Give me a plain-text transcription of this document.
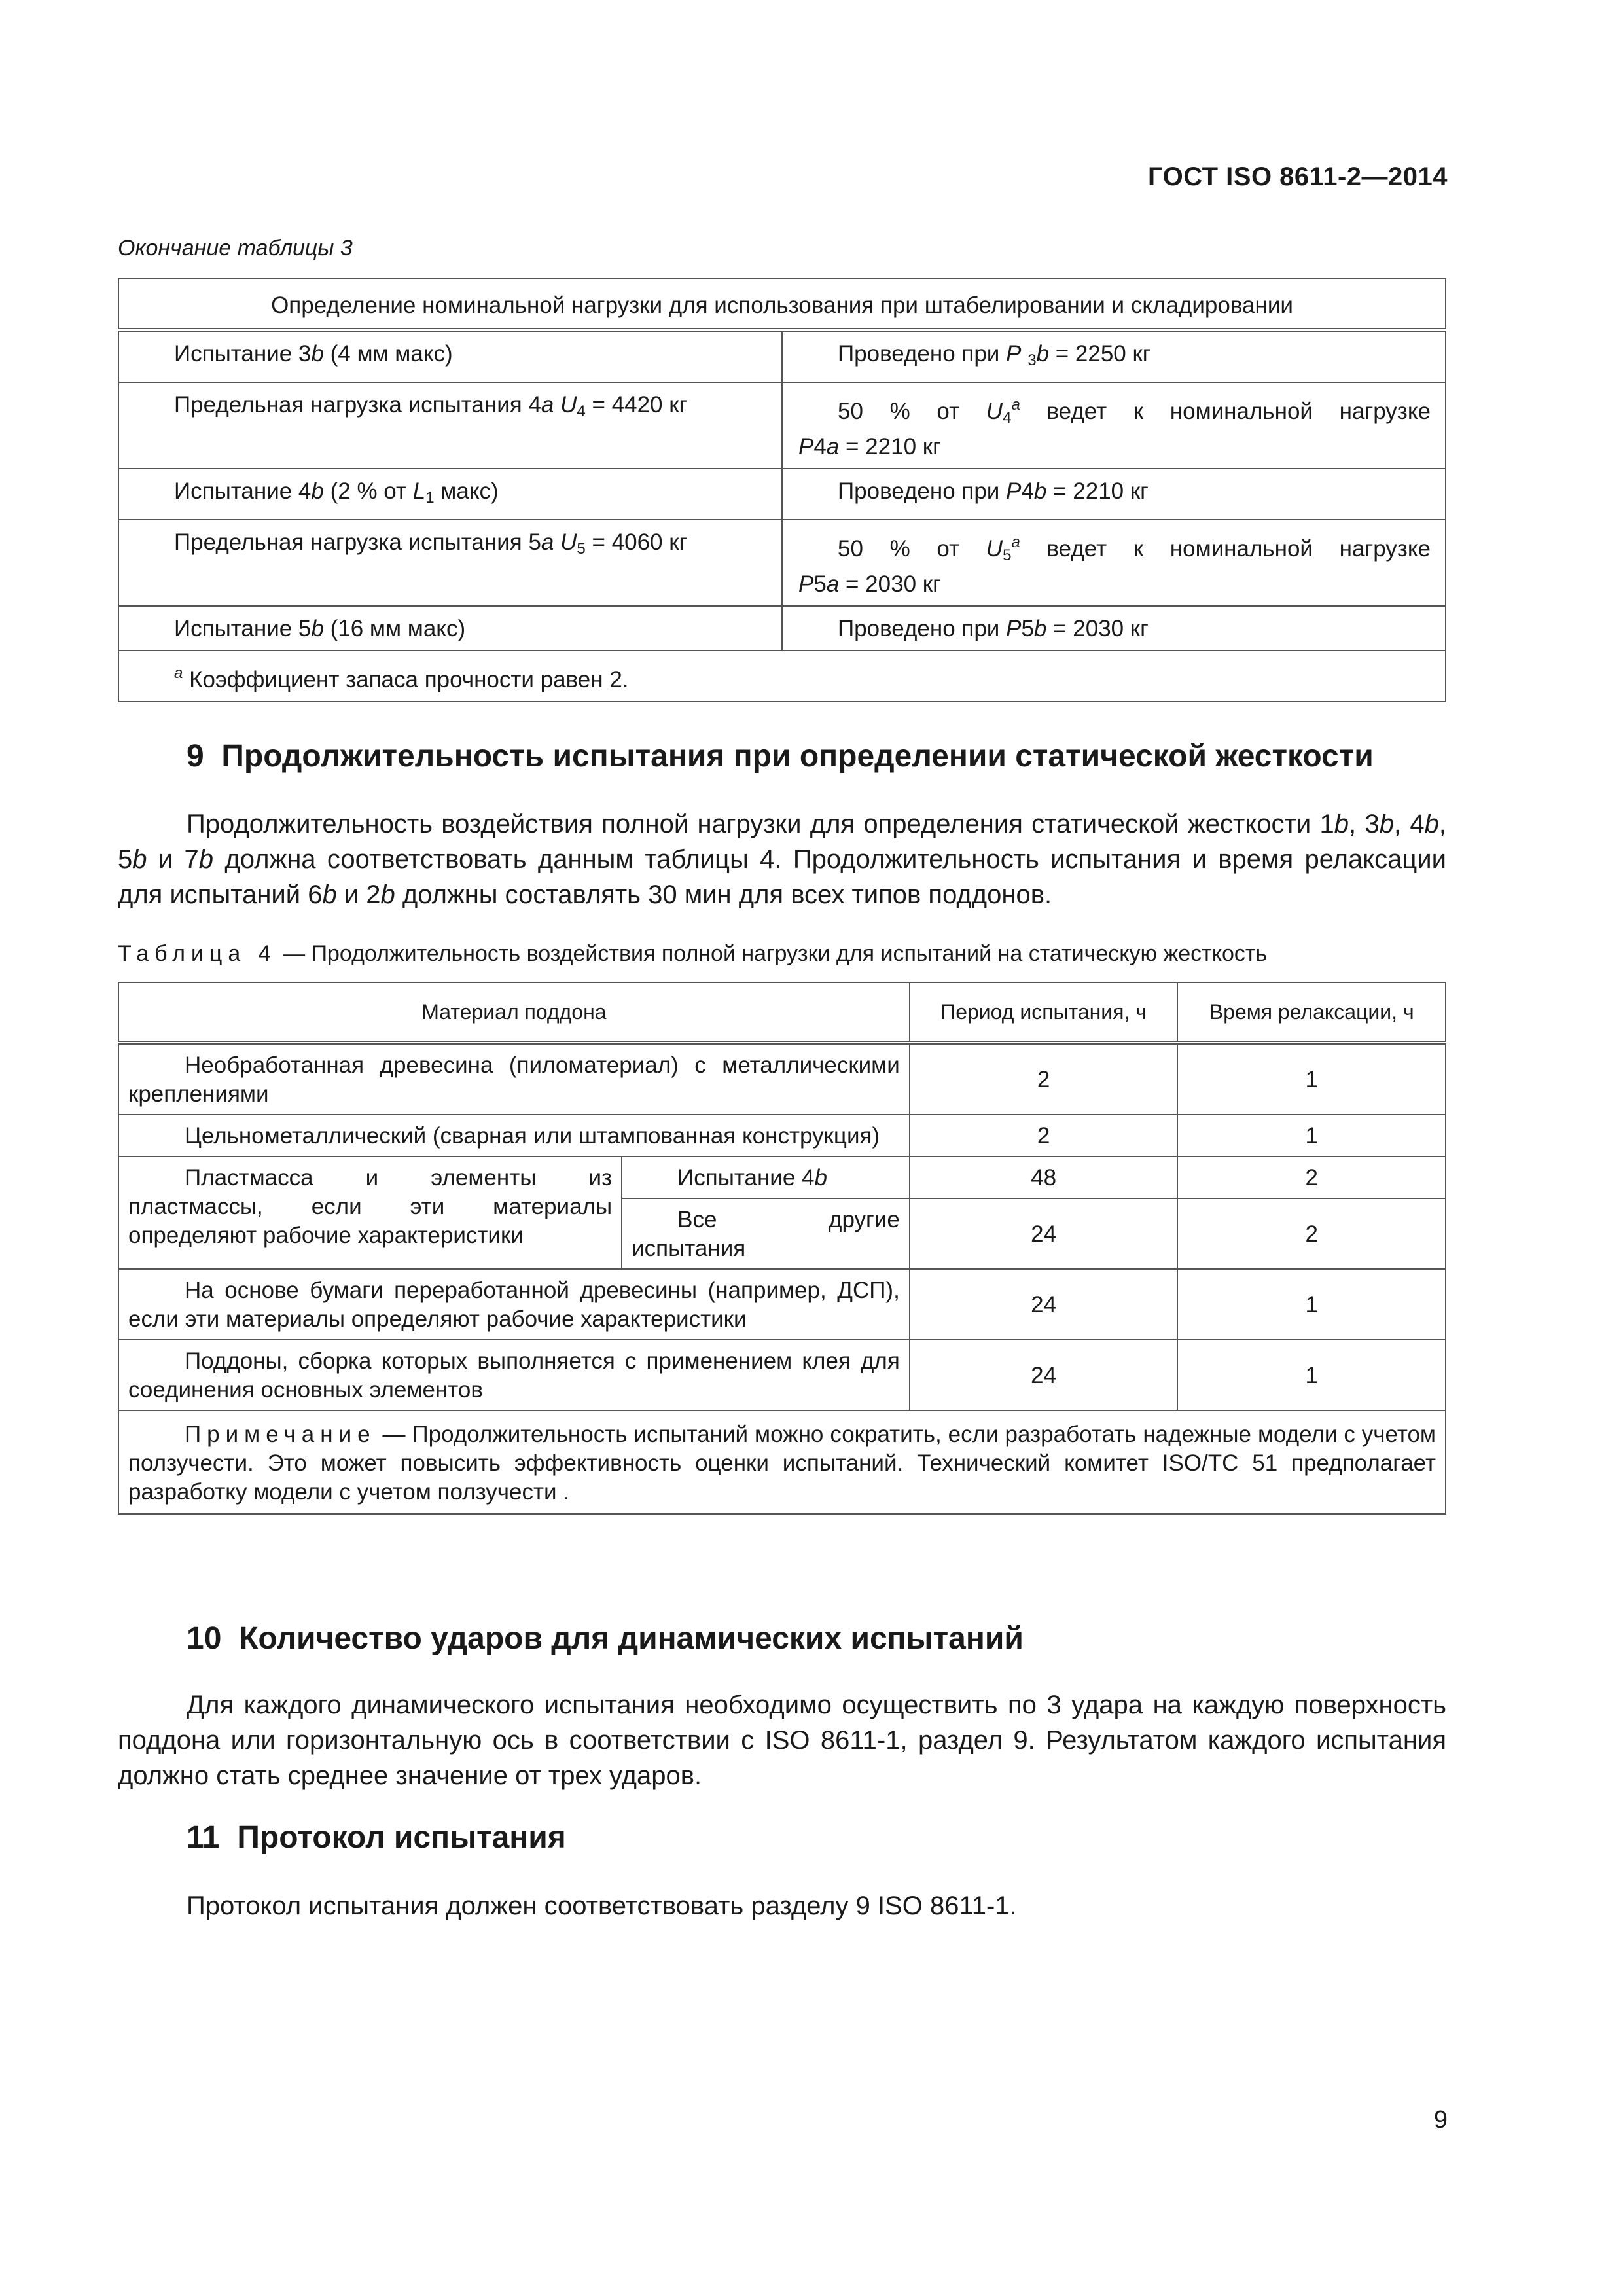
ГОСТ ISO 8611-2—2014
Окончание таблицы 3
Определение номинальной нагрузки для использования при штабелировании и складировании	
Испытание 3b (4 мм макс)	Проведено при P $_3$b = 2250 кг
Предельная нагрузка испытания 4a $U_4 = 4420$ кг	50 % от $U_4^a$ ведет к номинальной нагрузке
P4a = 2210 кг
Испытание 4b (2 % от $L_1$ макс)	Проведено при P4b = 2210 кг
Предельная нагрузка испытания 5a $U_5 = 4060$ кг	50 % от $U_5^a$ ведет к номинальной нагрузке
P5a = 2030 кг
Испытание 5b (16 мм макс)	Проведено при P5b = 2030 кг
$^a$ Коэффициент запаса прочности равен 2.	
9 Продолжительность испытания при определении статической жесткости
Продолжительность воздействия полной нагрузки для определения статической жесткости 1b, 3b, 4b, 5b и 7b должна соответствовать данным таблицы 4. Продолжительность испытания и время релаксации для испытаний 6b и 2b должны составлять 30 мин для всех типов поддонов.
Таблица 4 — Продолжительность воздействия полной нагрузки для испытаний на статическую жесткость
Материал поддона		Период испытания, ч	Время релаксации, ч
Необработанная древесина (пиломатериал) с металлическими креплениями		2	1
Цельнометаллический (сварная или штампованная конструкция)		2	1
Пластмасса и элементы из пластмассы, если эти материалы определяют рабочие характеристики	Испытание 4b	48	2
	Все другие испытания	24	2
На основе бумаги переработанной древесины (например, ДСП), если эти материалы определяют рабочие характеристики		24	1
Поддоны, сборка которых выполняется с применением клея для соединения основных элементов		24	1
Примечание — Продолжительность испытаний можно сократить, если разработать надежные модели с учетом ползучести. Это может повысить эффективность оценки испытаний. Технический комитет ISO/TC 51 предполагает разработку модели с учетом ползучести .			
10 Количество ударов для динамических испытаний
Для каждого динамического испытания необходимо осуществить по 3 удара на каждую поверхность поддона или горизонтальную ось в соответствии с ISO 8611-1, раздел 9. Результатом каждого испытания должно стать среднее значение от трех ударов.
11 Протокол испытания
Протокол испытания должен соответствовать разделу 9 ISO 8611-1.
9
